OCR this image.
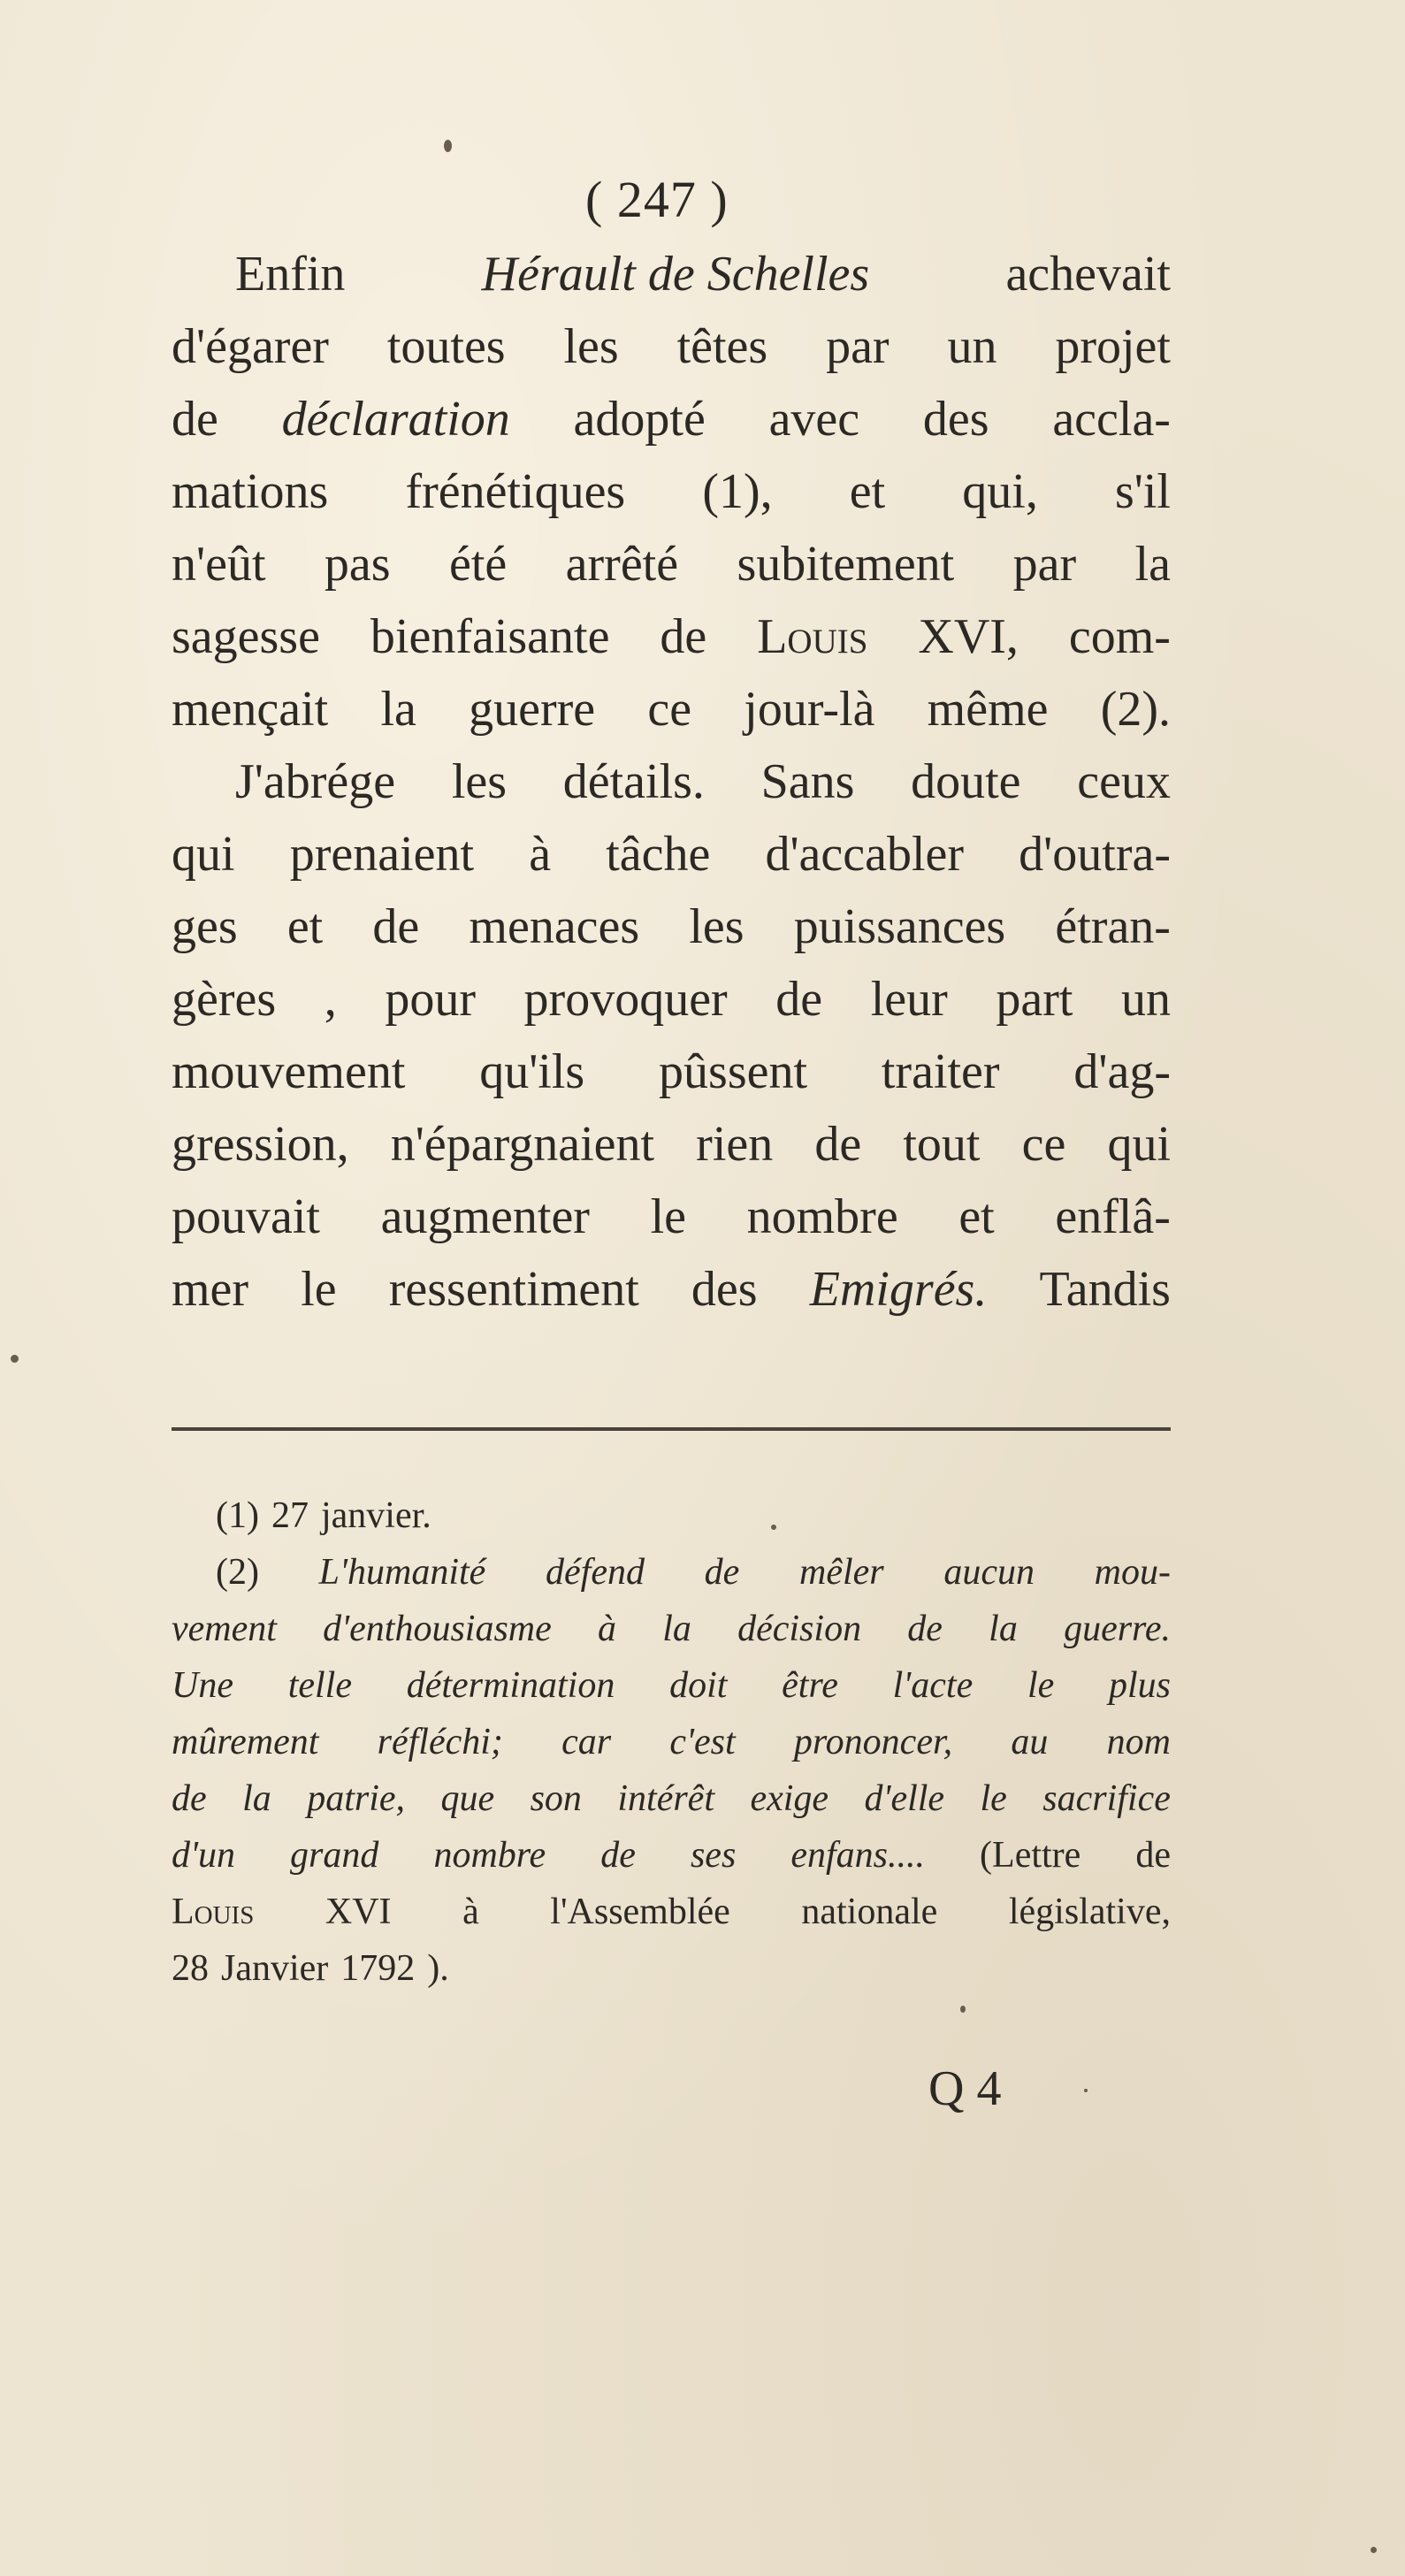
( 247 )
Enfin	Hérault de Schelles	achevait
d'égarer toutes les têtes par un projet
de déclaration adopté avec des accla-
mations frénétiques (1), et qui, s'il
n'eût pas été arrêté subitement par la
sagesse bienfaisante de Louis XVI, com-
mençait la guerre ce jour-là même (2).
J'abrége les détails. Sans doute ceux
qui prenaient à tâche d'accabler d'outra-
ges et de menaces les puissances étran-
gères , pour provoquer de leur part un
mouvement qu'ils pûssent traiter d'ag-
gression, n'épargnaient rien de tout ce qui
pouvait augmenter le nombre et enflâ-
mer le ressentiment des Emigrés. Tandis
(1) 27 janvier.
(2) L'humanité défend de mêler aucun mou-
vement d'enthousiasme à la décision de la guerre.
Une telle détermination doit être l'acte le plus
mûrement réfléchi; car c'est prononcer, au nom
de la patrie, que son intérêt exige d'elle le sacrifice
d'un grand nombre de ses enfans.... (Lettre de
Louis XVI à l'Assemblée nationale législative,
28 Janvier 1792 ).
Q 4
